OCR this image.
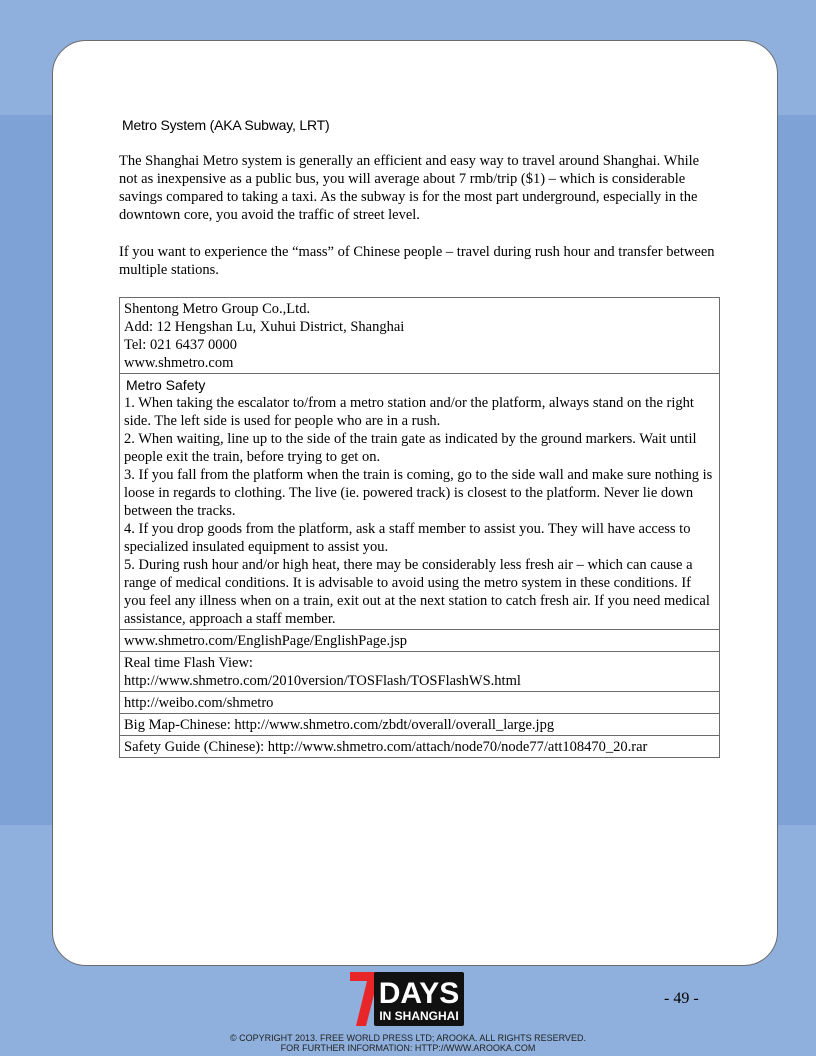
Metro System (AKA Subway, LRT)

The Shanghai Metro system is generally an efficient and easy way to travel around Shanghai. While not as inexpensive as a public bus, you will average about 7 rmb/trip ($1) – which is considerable savings compared to taking a taxi. As the subway is for the most part underground, especially in the downtown core, you avoid the traffic of street level.

If you want to experience the “mass” of Chinese people – travel during rush hour and transfer between multiple stations.

Shentong Metro Group Co.,Ltd.
Add: 12 Hengshan Lu, Xuhui District, Shanghai
Tel: 021 6437 0000
www.shmetro.com

Metro Safety
1. When taking the escalator to/from a metro station and/or the platform, always stand on the right side. The left side is used for people who are in a rush.
2. When waiting, line up to the side of the train gate as indicated by the ground markers. Wait until people exit the train, before trying to get on.
3. If you fall from the platform when the train is coming, go to the side wall and make sure nothing is loose in regards to clothing. The live (ie. powered track) is closest to the platform. Never lie down between the tracks.
4. If you drop goods from the platform, ask a staff member to assist you. They will have access to specialized insulated equipment to assist you.
5. During rush hour and/or high heat, there may be considerably less fresh air – which can cause a range of medical conditions. It is advisable to avoid using the metro system in these conditions. If you feel any illness when on a train, exit out at the next station to catch fresh air. If you need medical assistance, approach a staff member.

www.shmetro.com/EnglishPage/EnglishPage.jsp

Real time Flash View:
http://www.shmetro.com/2010version/TOSFlash/TOSFlashWS.html

http://weibo.com/shmetro
Big Map-Chinese: http://www.shmetro.com/zbdt/overall/overall_large.jpg
Safety Guide (Chinese): http://www.shmetro.com/attach/node70/node77/att108470_20.rar
DAYS
IN SHANGHAI
- 49 -
© COPYRIGHT 2013. FREE WORLD PRESS LTD; AROOKA. ALL RIGHTS RESERVED.
FOR FURTHER INFORMATION: HTTP://WWW.AROOKA.COM
